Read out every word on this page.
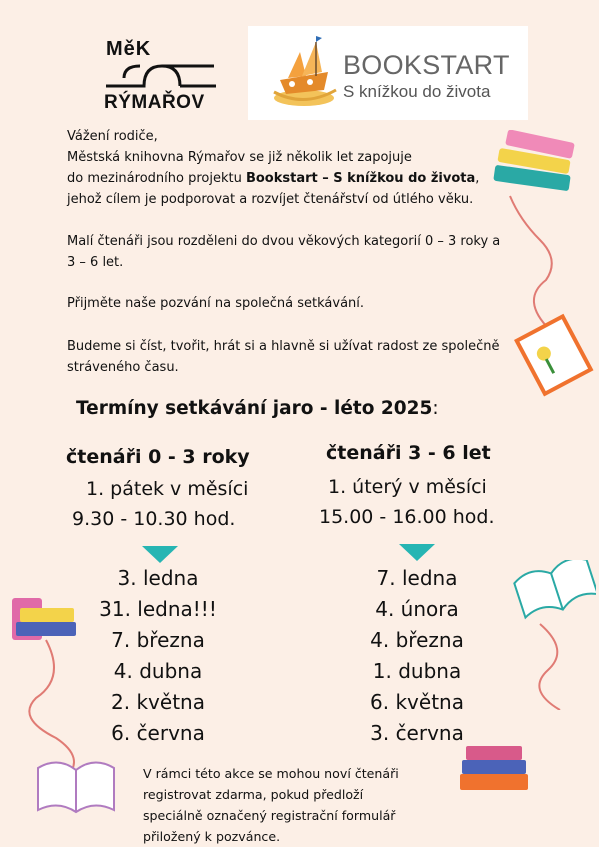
MěK
RÝMAŘOV
BOOKSTART
S knížkou do života
Vážení rodiče,
Městská knihovna Rýmařov se již několik let zapojuje
do mezinárodního projektu Bookstart – S knížkou do života,
jehož cílem je podporovat a rozvíjet čtenářství od útlého věku.
Malí čtenáři jsou rozděleni do dvou věkových kategorií 0 – 3 roky a
3 – 6 let.
Přijměte naše pozvání na společná setkávání.
Budeme si číst, tvořit, hrát si a hlavně si užívat radost ze společně
stráveného času.
Termíny setkávání jaro - léto 2025:
čtenáři 0 - 3 roky
1. pátek v měsíci
9.30 - 10.30 hod.
3. ledna
31. ledna!!!
7. března
4. dubna
2. května
6. června
čtenáři 3 - 6 let
1. úterý v měsíci
15.00 - 16.00 hod.
7. ledna
4. února
4. března
1. dubna
6. května
3. června
V rámci této akce se mohou noví čtenáři
registrovat zdarma, pokud předloží
speciálně označený registrační formulář
přiložený k pozvánce.
